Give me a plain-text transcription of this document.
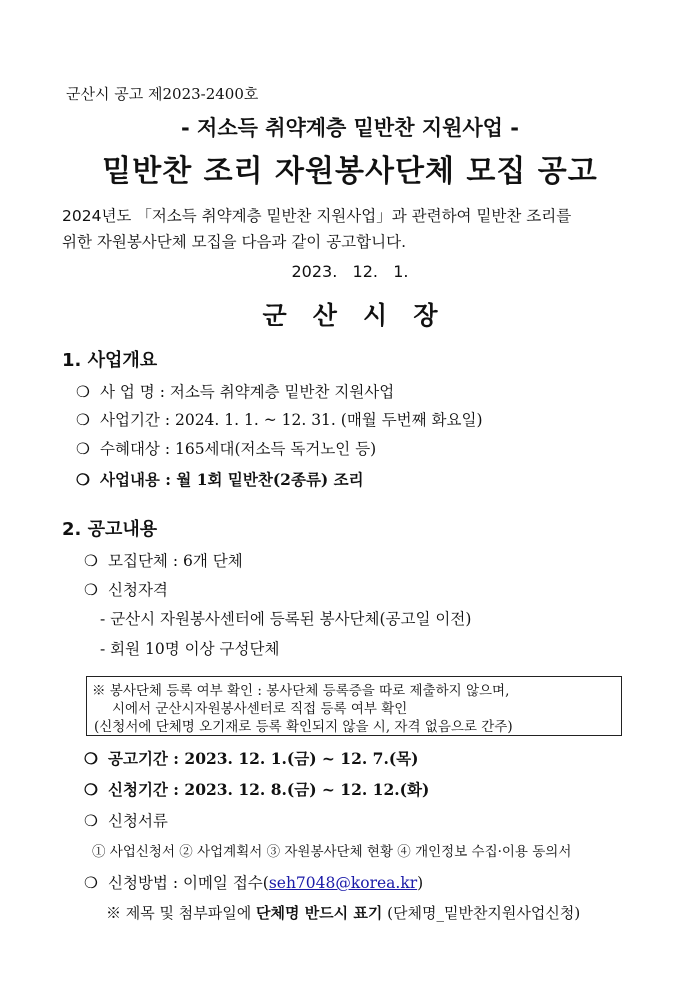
군산시 공고 제2023-2400호
- 저소득 취약계층 밑반찬 지원사업 -
밑반찬 조리 자원봉사단체 모집 공고
2024년도 「저소득 취약계층 밑반찬 지원사업」과 관련하여 밑반찬 조리를
위한 자원봉사단체 모집을 다음과 같이 공고합니다.
2023.   12.   1.
군   산   시   장
1. 사업개요
❍ 사 업 명 : 저소득 취약계층 밑반찬 지원사업
❍ 사업기간 : 2024. 1. 1. ~ 12. 31. (매월 두번째 화요일)
❍ 수혜대상 : 165세대(저소득 독거노인 등)
❍ 사업내용 : 월 1회 밑반찬(2종류) 조리
2. 공고내용
❍ 모집단체 : 6개 단체
❍ 신청자격
- 군산시 자원봉사센터에 등록된 봉사단체(공고일 이전)
- 회원 10명 이상 구성단체
※ 봉사단체 등록 여부 확인 : 봉사단체 등록증을 따로 제출하지 않으며,
시에서 군산시자원봉사센터로 직접 등록 여부 확인
(신청서에 단체명 오기재로 등록 확인되지 않을 시, 자격 없음으로 간주)
❍ 공고기간 : 2023. 12. 1.(금) ~ 12. 7.(목)
❍ 신청기간 : 2023. 12. 8.(금) ~ 12. 12.(화)
❍ 신청서류
① 사업신청서 ② 사업계획서 ③ 자원봉사단체 현황 ④ 개인정보 수집·이용 동의서
❍ 신청방법 : 이메일 접수(seh7048@korea.kr)
※ 제목 및 첨부파일에 단체명 반드시 표기 (단체명_밑반찬지원사업신청)
